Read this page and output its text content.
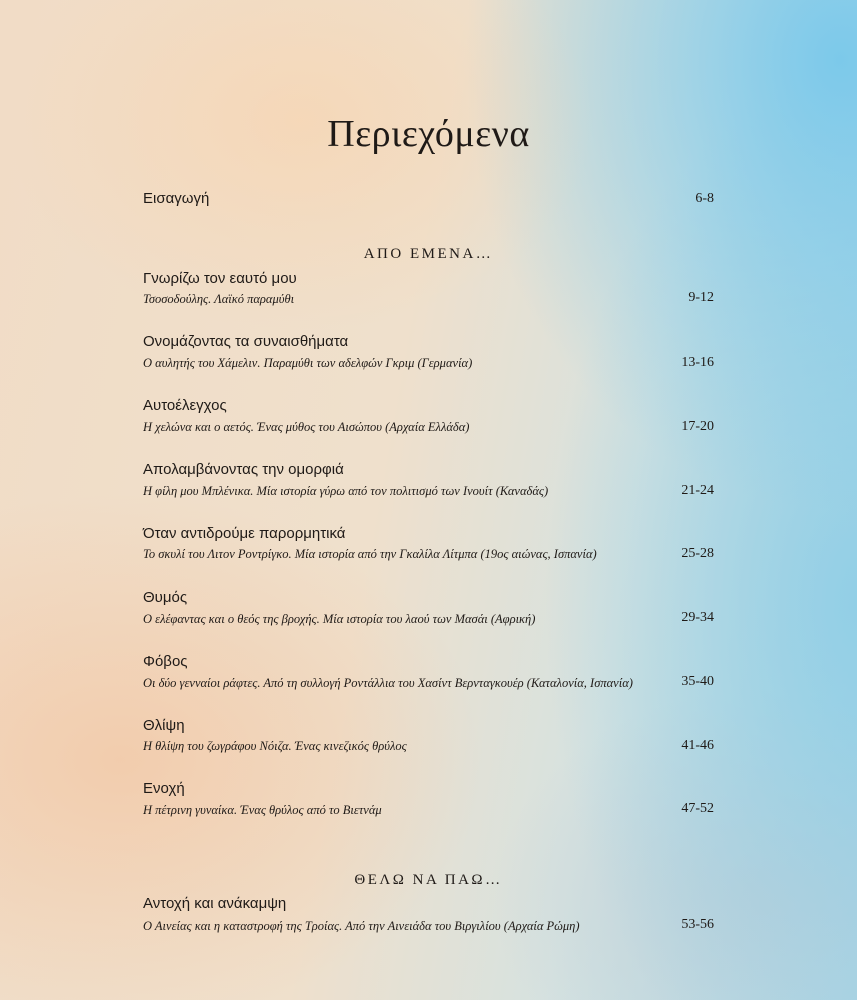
Περιεχόμενα
Εισαγωγή	6-8
ΑΠΟ ΕΜΕΝΑ…
Γνωρίζω τον εαυτό μου
Τσοσοδούλης. Λαϊκό παραμύθι	9-12
Ονομάζοντας τα συναισθήματα
Ο αυλητής του Χάμελιν. Παραμύθι των αδελφών Γκριμ (Γερμανία)	13-16
Αυτοέλεγχος
Η χελώνα και ο αετός. Ένας μύθος του Αισώπου (Αρχαία Ελλάδα)	17-20
Απολαμβάνοντας την ομορφιά
Η φίλη μου Μπλένικα. Μία ιστορία γύρω από τον πολιτισμό των Ινουίτ (Καναδάς)	21-24
Όταν αντιδρούμε παρορμητικά
Το σκυλί του Λιτον Ροντρίγκο. Μία ιστορία από την Γκαλίλα Λίτμπα (19ος αιώνας, Ισπανία)	25-28
Θυμός
Ο ελέφαντας και ο θεός της βροχής. Μία ιστορία του λαού των Μασάι (Αφρική)	29-34
Φόβος
Οι δύο γενναίοι ράφτες. Από τη συλλογή Ροντάλλια του Χασίντ Βερνταγκουέρ (Καταλονία, Ισπανία)	35-40
Θλίψη
Η θλίψη του ζωγράφου Νόιζα. Ένας κινεζικός θρύλος	41-46
Ενοχή
Η πέτρινη γυναίκα. Ένας θρύλος από το Βιετνάμ	47-52
ΘΕΛΩ ΝΑ ΠΑΩ…
Αντοχή και ανάκαμψη
Ο Αινείας και η καταστροφή της Τροίας. Από την Αινειάδα του Βιργιλίου (Αρχαία Ρώμη)	53-56
